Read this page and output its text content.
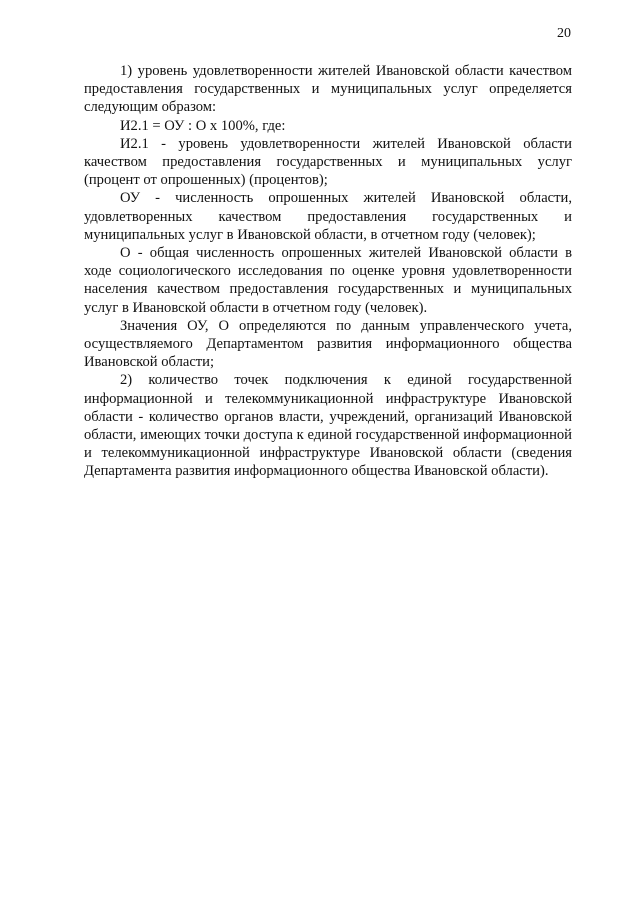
20

1) уровень удовлетворенности жителей Ивановской области качеством предоставления государственных и муниципальных услуг определяется следующим образом:

И2.1 = ОУ : О х 100%, где:

И2.1 - уровень удовлетворенности жителей Ивановской области качеством предоставления государственных и муниципальных услуг (процент от опрошенных) (процентов);

ОУ - численность опрошенных жителей Ивановской области, удовлетворенных качеством предоставления государственных и муниципальных услуг в Ивановской области, в отчетном году (человек);

О - общая численность опрошенных жителей Ивановской области в ходе социологического исследования по оценке уровня удовлетворенности населения качеством предоставления государственных и муниципальных услуг в Ивановской области в отчетном году (человек).

Значения ОУ, О определяются по данным управленческого учета, осуществляемого Департаментом развития информационного общества Ивановской области;

2) количество точек подключения к единой государственной информационной и телекоммуникационной инфраструктуре Ивановской области - количество органов власти, учреждений, организаций Ивановской области, имеющих точки доступа к единой государственной информационной и телекоммуникационной инфраструктуре Ивановской области (сведения Департамента развития информационного общества Ивановской области).
